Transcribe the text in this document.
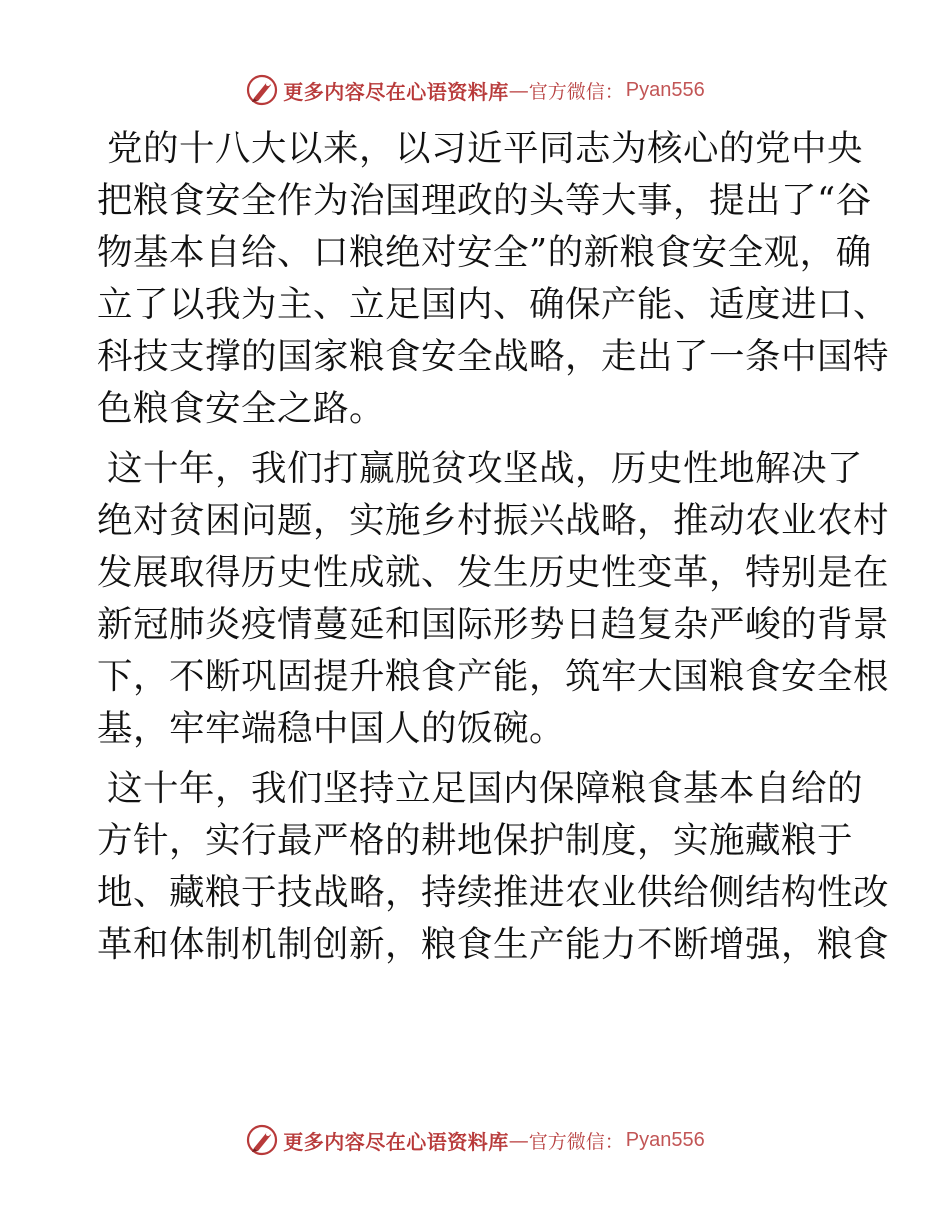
更多内容尽在心语资料库 — 官方微信： Pyan556
党的十八大以来，以习近平同志为核心的党中央
把粮食安全作为治国理政的头等大事，提出了“谷
物基本自给、口粮绝对安全”的新粮食安全观，确
立了以我为主、立足国内、确保产能、适度进口、
科技支撑的国家粮食安全战略，走出了一条中国特
色粮食安全之路。
这十年，我们打赢脱贫攻坚战，历史性地解决了
绝对贫困问题，实施乡村振兴战略，推动农业农村
发展取得历史性成就、发生历史性变革，特别是在
新冠肺炎疫情蔓延和国际形势日趋复杂严峻的背景
下，不断巩固提升粮食产能，筑牢大国粮食安全根
基，牢牢端稳中国人的饭碗。
这十年，我们坚持立足国内保障粮食基本自给的
方针，实行最严格的耕地保护制度，实施藏粮于
地、藏粮于技战略，持续推进农业供给侧结构性改
革和体制机制创新，粮食生产能力不断增强，粮食
更多内容尽在心语资料库 — 官方微信： Pyan556
